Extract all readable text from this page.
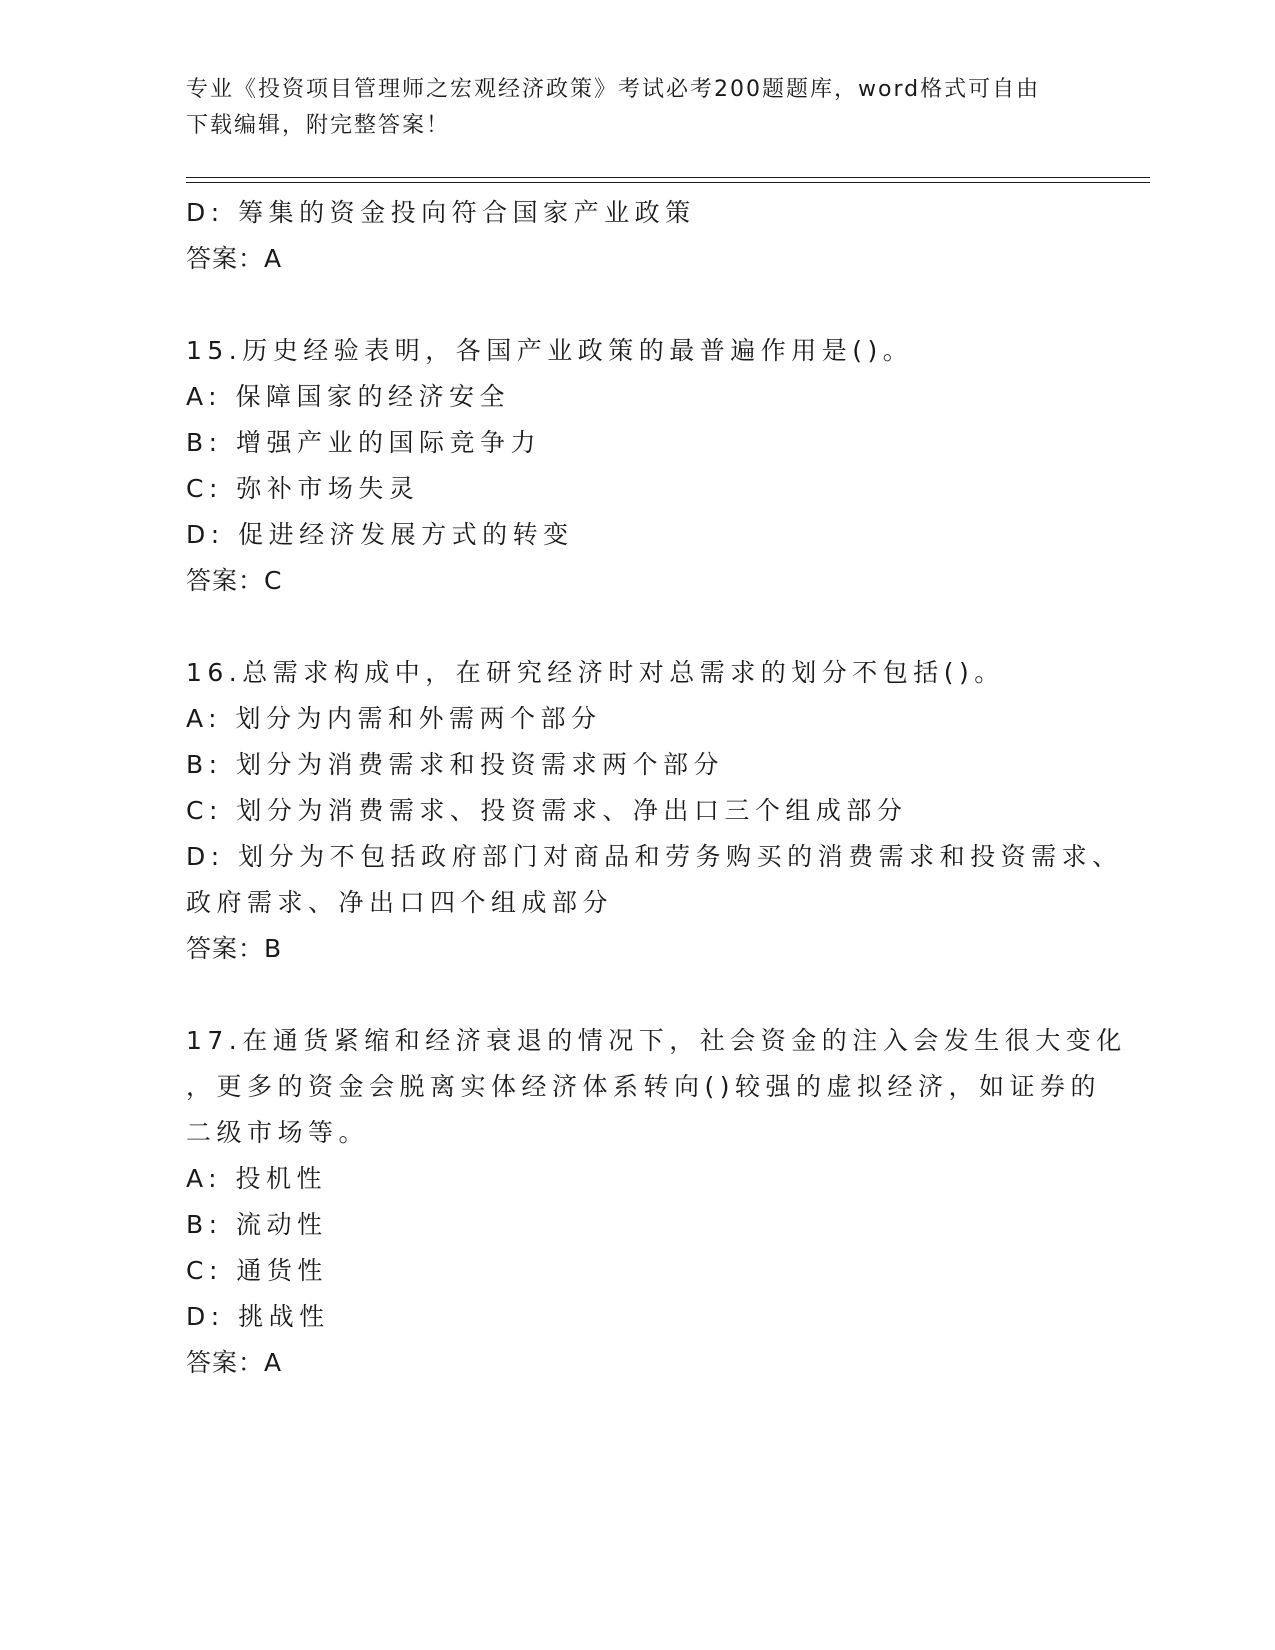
专业《投资项目管理师之宏观经济政策》考试必考200题题库，word格式可自由
下载编辑，附完整答案！
D: 筹集的资金投向符合国家产业政策
答案：A
15.历史经验表明，各国产业政策的最普遍作用是()。
A: 保障国家的经济安全
B: 增强产业的国际竞争力
C: 弥补市场失灵
D: 促进经济发展方式的转变
答案：C
16.总需求构成中，在研究经济时对总需求的划分不包括()。
A: 划分为内需和外需两个部分
B: 划分为消费需求和投资需求两个部分
C: 划分为消费需求、投资需求、净出口三个组成部分
D: 划分为不包括政府部门对商品和劳务购买的消费需求和投资需求、
政府需求、净出口四个组成部分
答案：B
17.在通货紧缩和经济衰退的情况下，社会资金的注入会发生很大变化
，更多的资金会脱离实体经济体系转向()较强的虚拟经济，如证券的
二级市场等。
A: 投机性
B: 流动性
C: 通货性
D: 挑战性
答案：A
